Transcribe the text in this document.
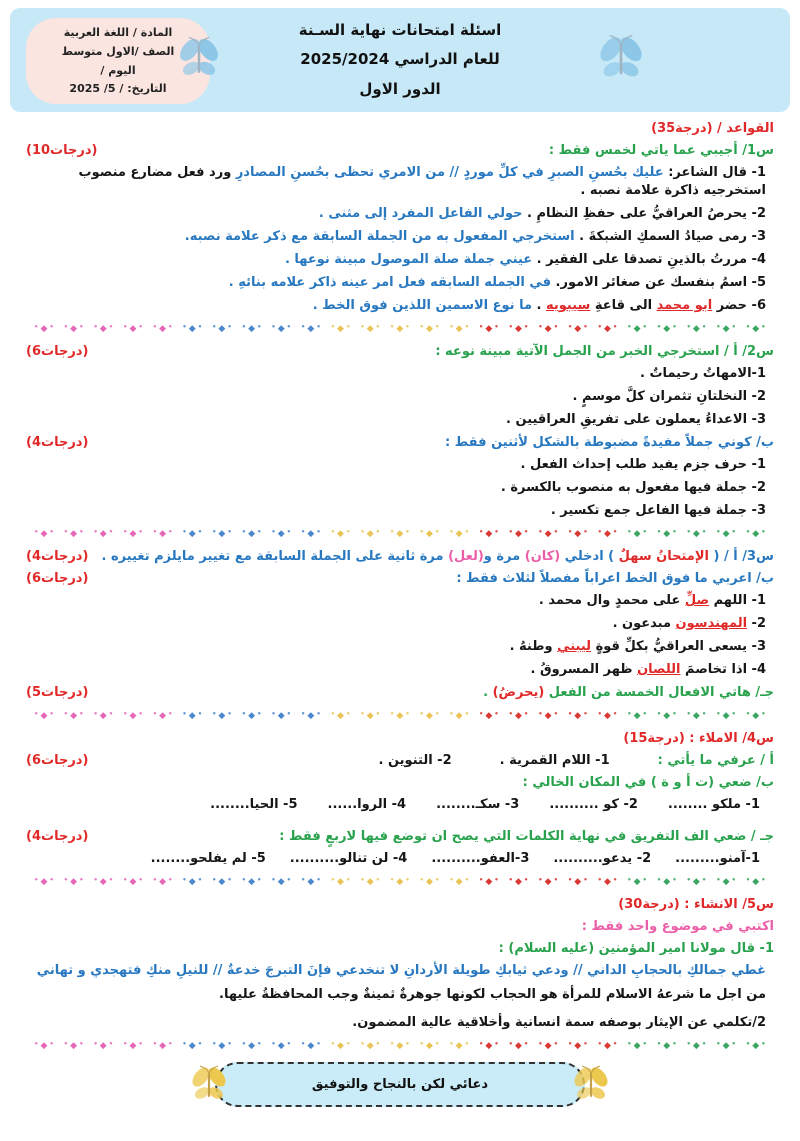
المادة / اللغة العربية
الصف /الاول متوسط
اليوم /
التاريخ: / 5/ 2025
اسئلة امتحانات نهاية السـنة
للعام الدراسي 2025/2024
الدور الاول
القواعد / (درجة35)
س1/ أجيبي عما ياتي لخمس فقط :
(درجات10)
1- قال الشاعر: عليك بحُسنِ الصبرِ في كلِّ موردٍ // من الامري تحظى بحُسنِ المصادرِ ورد فعل مضارع منصوب استخرجيه ذاكرة علامة نصبه .
2- يحرصُ العراقيُّ على حفظِ النظامِ . حولي الفاعل المفرد إلى مثنى .
3- رمى صيادُ السمكِ الشبكةَ . استخرجي المفعول به من الجملة السابقة مع ذكر علامة نصبه.
4- مررتُ بالذينِ تصدقا على الفقير . عيني جملة صلة الموصول مبينة نوعها .
5- اسمُ بنفسك عن صغائر الامور. في الجمله السابقه فعل امر عينه ذاكر علامه بنائهِ .
6- حضر ابو محمد الى قاعةِ سيبويه . ما نوع الاسمين اللذين فوق الخط .
• ◆ •	• ◆ •	• ◆ •	• ◆ •	• ◆ •	• ◆ •	• ◆ •	• ◆ •	• ◆ •	• ◆ •	• ◆ •	• ◆ •	• ◆ •	• ◆ •	• ◆ •	• ◆ •	• ◆ •	• ◆ •	• ◆ •	• ◆ •	• ◆ •	• ◆ •	• ◆ •	• ◆ •	• ◆ •
س2/ أ / استخرجي الخبر من الجمل الآتية مبينة نوعه :
(درجات6)
1-الامهاتُ رحيماتٌ .
2- النخلتانِ تثمران كلَّ موسمٍ .
3- الاعداءُ يعملون على تفريقِ العراقيين .
ب/ كوني جملاً مفيدةً مضبوطة بالشكل لأثنين فقط :
(درجات4)
1- حرف جزم يفيد طلب إحداث الفعل .
2- جملة فيها مفعول به منصوب بالكسرة .
3- جملة فيها الفاعل جمع تكسير .
• ◆ •	• ◆ •	• ◆ •	• ◆ •	• ◆ •	• ◆ •	• ◆ •	• ◆ •	• ◆ •	• ◆ •	• ◆ •	• ◆ •	• ◆ •	• ◆ •	• ◆ •	• ◆ •	• ◆ •	• ◆ •	• ◆ •	• ◆ •	• ◆ •	• ◆ •	• ◆ •	• ◆ •	• ◆ •
س3/ أ / ( الإمتحانُ سهلٌ ) ادخلي (كان) مرة و(لعل) مرة ثانية على الجملة السابقة مع تغيير مايلزم تغييره .
(درجات4)
ب/ اعربي ما فوق الخط اعراباً مفصلاً لثلاث فقط :
(درجات6)
1- اللهم صلِّ على محمدٍ وال محمد .
2- المهندسون مبدعون .
3- يسعى العراقيُّ بكلِّ قوةٍ ليبني وطنهُ .
4- اذا تخاصمَ اللصان ظهر المسروقُ .
جـ/ هاتي الافعال الخمسة من الفعل (يحرضُ) .
(درجات5)
• ◆ •	• ◆ •	• ◆ •	• ◆ •	• ◆ •	• ◆ •	• ◆ •	• ◆ •	• ◆ •	• ◆ •	• ◆ •	• ◆ •	• ◆ •	• ◆ •	• ◆ •	• ◆ •	• ◆ •	• ◆ •	• ◆ •	• ◆ •	• ◆ •	• ◆ •	• ◆ •	• ◆ •	• ◆ •
س4/ الاملاء : (درجة15)
أ / عرفي ما يأتي :
1- اللام القمرية .
2- التنوين .
(درجات6)
ب/ ضعي (ت أ و ة ) في المكان الخالي :
1- ملكو ........
2- كو ..........
3- سكـ........
4- الروا......
5- الحيا........
جـ / ضعي الف التفريق في نهاية الكلمات التي يصح ان توضع فيها لاربعٍ فقط :
(درجات4)
1-آمنو.........
2- يدعو..........
3-العفو..........
4- لن تنالو..........
5- لم يفلحو........
• ◆ •	• ◆ •	• ◆ •	• ◆ •	• ◆ •	• ◆ •	• ◆ •	• ◆ •	• ◆ •	• ◆ •	• ◆ •	• ◆ •	• ◆ •	• ◆ •	• ◆ •	• ◆ •	• ◆ •	• ◆ •	• ◆ •	• ◆ •	• ◆ •	• ◆ •	• ◆ •	• ◆ •	• ◆ •
س5/ الانشاء : (درجة30)
اكتبي في موضوع واحد فقط :
1- قال مولانا امير المؤمنين (عليه السلام) :
غطي جمالكِ بالحجابِ الداني // ودعي ثيابكِ طويلة الأردانِ لا تنخدعي فإنَ التبرجَ خدعةٌ // للنيلِ منكِ فتهجدي و تهاني
من اجل ما شرعهُ الاسلام للمرأة هو الحجاب لكونها جوهرةٌ ثمينةٌ وجب المحافظةُ عليها.
2/تكلمي عن الإيثار بوصفه سمة انسانية وأخلاقية عالية المضمون.
• ◆ •	• ◆ •	• ◆ •	• ◆ •	• ◆ •	• ◆ •	• ◆ •	• ◆ •	• ◆ •	• ◆ •	• ◆ •	• ◆ •	• ◆ •	• ◆ •	• ◆ •	• ◆ •	• ◆ •	• ◆ •	• ◆ •	• ◆ •	• ◆ •	• ◆ •	• ◆ •	• ◆ •	• ◆ •
دعائي لكن بالنجاح والتوفيق
